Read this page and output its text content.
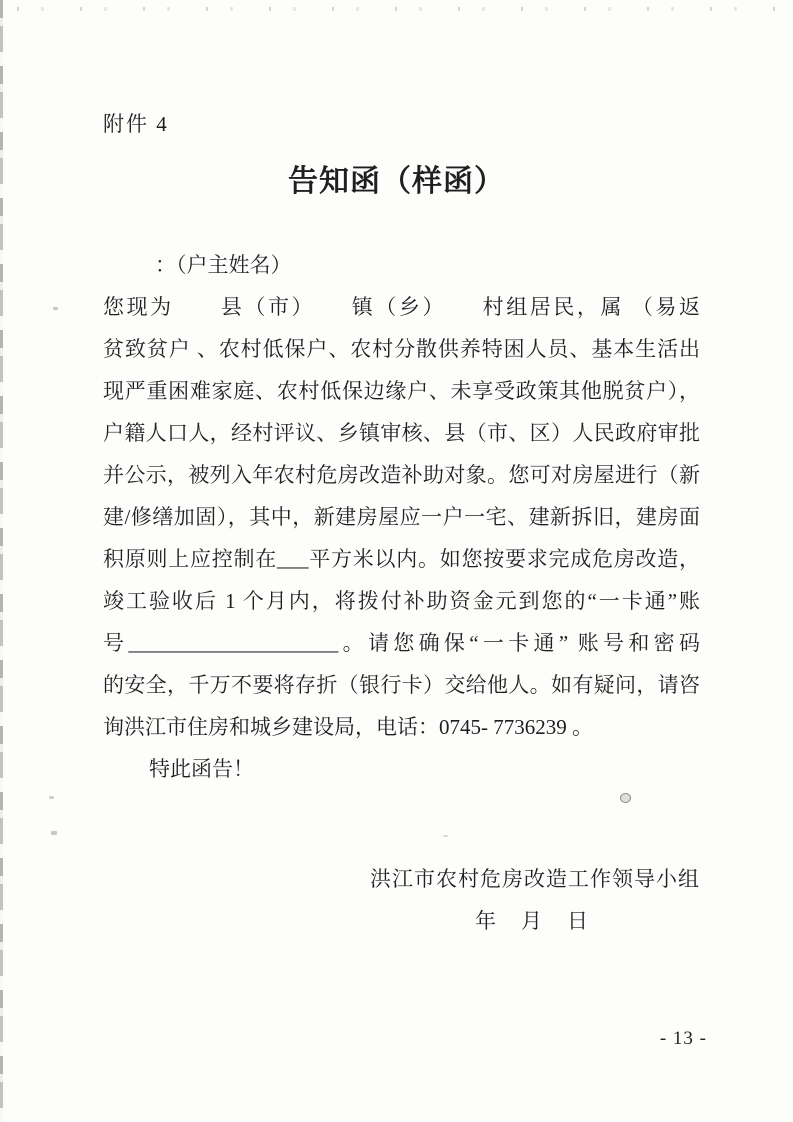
附件 4
告知函（样函）
：（户主姓名）
您现为　　县（市）　　镇（乡）　　村组居民，属 （易返
贫致贫户 、农村低保户、农村分散供养特困人员、基本生活出
现严重困难家庭、农村低保边缘户、未享受政策其他脱贫户），
户籍人口人，经村评议、乡镇审核、县（市、区）人民政府审批
并公示，被列入年农村危房改造补助对象。您可对房屋进行（新
建/修缮加固），其中，新建房屋应一户一宅、建新拆旧，建房面
积原则上应控制在___平方米以内。如您按要求完成危房改造，
竣工验收后 1 个月内，将拨付补助资金元到您的“一卡通”账
号____________________。请您确保“一卡通” 账号和密码
的安全，千万不要将存折（银行卡）交给他人。如有疑问，请咨
询洪江市住房和城乡建设局，电话：0745- 7736239 。
特此函告！
洪江市农村危房改造工作领导小组
年　月　日
- 13 -
